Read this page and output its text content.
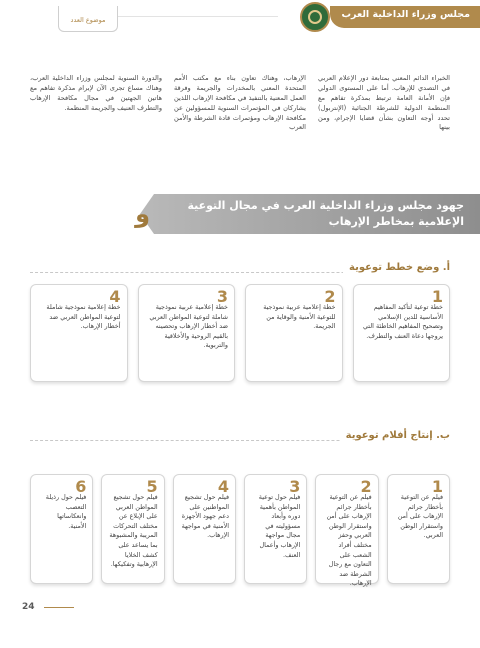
مجلس وزراء الداخلية العرب
موضوع العدد
الخبراء الدائم المعني بمتابعة دور الإعلام العربي في التصدي للإرهاب. أما على المستوى الدولي فإن الأمانة العامة ترتبط بمذكرة تفاهم مع المنظمة الدولية للشرطة الجنائية (الإنتربول) تحدد أوجه التعاون بشأن قضايا الإجرام، ومن بينها
الإرهاب، وهناك تعاون بناء مع مكتب الأمم المتحدة المعني بالمخدرات والجريمة وفرقة العمل المعنية بالتنفيذ في مكافحة الإرهاب اللذين يشاركان في المؤتمرات السنوية للمسؤولين عن مكافحة الإرهاب ومؤتمرات قادة الشرطة والأمن العرب
والدورة السنوية لمجلس وزراء الداخلية العرب، وهناك مساع تجرى الآن لإبرام مذكرة تفاهم مع هاتين الجهتين في مجال مكافحة الإرهاب والتطرف العنيف والجريمة المنظمة.
جهود مجلس وزراء الداخلية العرب في مجال التوعية الإعلامية بمخاطر الإرهاب
و
أ. وضع خطط توعوية
1
خطة توعية لتأكيد المفاهيم الأساسية للدين الإسلامي وتصحيح المفاهيم الخاطئة التي يروجها دعاة العنف والتطرف.
2
خطة إعلامية عربية نموذجية للتوعية الأمنية والوقاية من الجريمة.
3
خطة إعلامية عربية نموذجية شاملة لتوعية المواطن العربي ضد أخطار الإرهاب وتحصينه بالقيم الروحية والأخلاقية والتربوية.
4
خطة إعلامية نموذجية شاملة لتوعية المواطن العربي ضد أخطار الإرهاب.
ب. إنتاج أفلام توعوية
1
فيلم عن التوعية بأخطار جرائم الإرهاب على أمن واستقرار الوطن العربي.
2
فيلم عن التوعية بأخطار جرائم الإرهاب على أمن واستقرار الوطن العربي وحفز مختلف أفراد الشعب على التعاون مع رجال الشرطة ضد الإرهاب.
3
فيلم حول توعية المواطن بأهمية دوره وأبعاد مسؤوليته في مجال مواجهة الإرهاب وأعمال العنف.
4
فيلم حول تشجيع المواطنين على دعم جهود الأجهزة الأمنية في مواجهة الإرهاب.
5
فيلم حول تشجيع المواطن العربي على الإبلاغ عن مختلف التحركات المريبة والمشبوهة بما يساعد على كشف الخلايا الإرهابية وتفكيكها.
6
فيلم حول رذيلة التعصب وانعكاساتها الأمنية.
24
